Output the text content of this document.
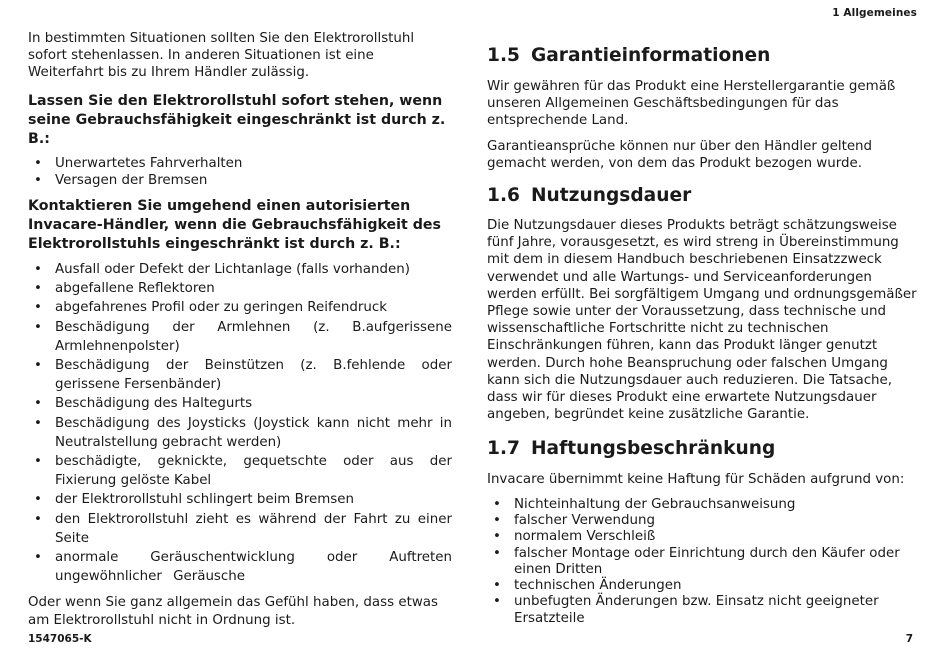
1 Allgemeines

In bestimmten Situationen sollten Sie den Elektrorollstuhl sofort stehenlassen. In anderen Situationen ist eine Weiterfahrt bis zu Ihrem Händler zulässig.

Lassen Sie den Elektrorollstuhl sofort stehen, wenn seine Gebrauchsfähigkeit eingeschränkt ist durch z. B.:

• Unerwartetes Fahrverhalten
• Versagen der Bremsen

Kontaktieren Sie umgehend einen autorisierten Invacare-Händler, wenn die Gebrauchsfähigkeit des Elektrorollstuhls eingeschränkt ist durch z. B.:

• Ausfall oder Defekt der Lichtanlage (falls vorhanden)
• abgefallene Reflektoren
• abgefahrenes Profil oder zu geringen Reifendruck
• Beschädigung der Armlehnen (z. B.aufgerissene Armlehnenpolster)
• Beschädigung der Beinstützen (z. B.fehlende oder gerissene Fersenbänder)
• Beschädigung des Haltegurts
• Beschädigung des Joysticks (Joystick kann nicht mehr in Neutralstellung gebracht werden)
• beschädigte, geknickte, gequetschte oder aus der Fixierung gelöste Kabel
• der Elektrorollstuhl schlingert beim Bremsen
• den Elektrorollstuhl zieht es während der Fahrt zu einer Seite
• anormale Geräuschentwicklung oder Auftreten ungewöhnlicher Geräusche

Oder wenn Sie ganz allgemein das Gefühl haben, dass etwas am Elektrorollstuhl nicht in Ordnung ist.

1.5 Garantieinformationen

Wir gewähren für das Produkt eine Herstellergarantie gemäß unseren Allgemeinen Geschäftsbedingungen für das entsprechende Land.

Garantieansprüche können nur über den Händler geltend gemacht werden, von dem das Produkt bezogen wurde.

1.6 Nutzungsdauer

Die Nutzungsdauer dieses Produkts beträgt schätzungsweise fünf Jahre, vorausgesetzt, es wird streng in Übereinstimmung mit dem in diesem Handbuch beschriebenen Einsatzzweck verwendet und alle Wartungs- und Serviceanforderungen werden erfüllt. Bei sorgfältigem Umgang und ordnungsgemäßer Pflege sowie unter der Voraussetzung, dass technische und wissenschaftliche Fortschritte nicht zu technischen Einschränkungen führen, kann das Produkt länger genutzt werden. Durch hohe Beanspruchung oder falschen Umgang kann sich die Nutzungsdauer auch reduzieren. Die Tatsache, dass wir für dieses Produkt eine erwartete Nutzungsdauer angeben, begründet keine zusätzliche Garantie.

1.7 Haftungsbeschränkung

Invacare übernimmt keine Haftung für Schäden aufgrund von:

• Nichteinhaltung der Gebrauchsanweisung
• falscher Verwendung
• normalem Verschleiß
• falscher Montage oder Einrichtung durch den Käufer oder einen Dritten
• technischen Änderungen
• unbefugten Änderungen bzw. Einsatz nicht geeigneter Ersatzteile
1547065-K	7
